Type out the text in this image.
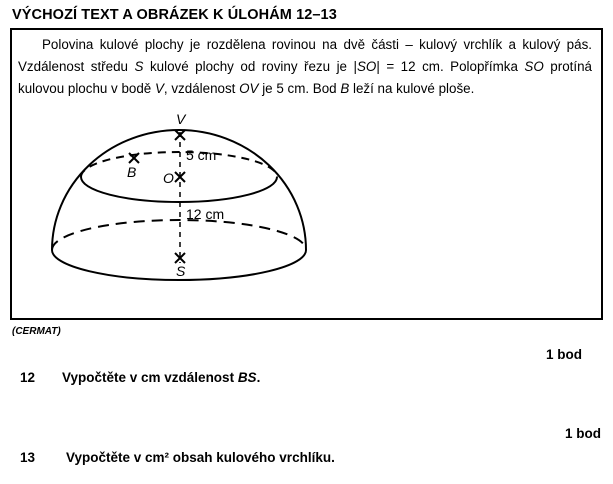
VÝCHOZÍ TEXT A OBRÁZEK K ÚLOHÁM 12–13

Polovina kulové plochy je rozdělena rovinou na dvě části – kulový vrchlík a kulový pás. Vzdálenost středu S kulové plochy od roviny řezu je |SO| = 12 cm. Polopřímka SO protíná kulovou plochu v bodě V, vzdálenost OV je 5 cm. Bod B leží na kulové ploše.

V
B O
S
5 cm
12 cm
(CERMAT)
1 bod
12 Vypočtěte v cm vzdálenost BS.
1 bod
13 Vypočtěte v cm² obsah kulového vrchlíku.
